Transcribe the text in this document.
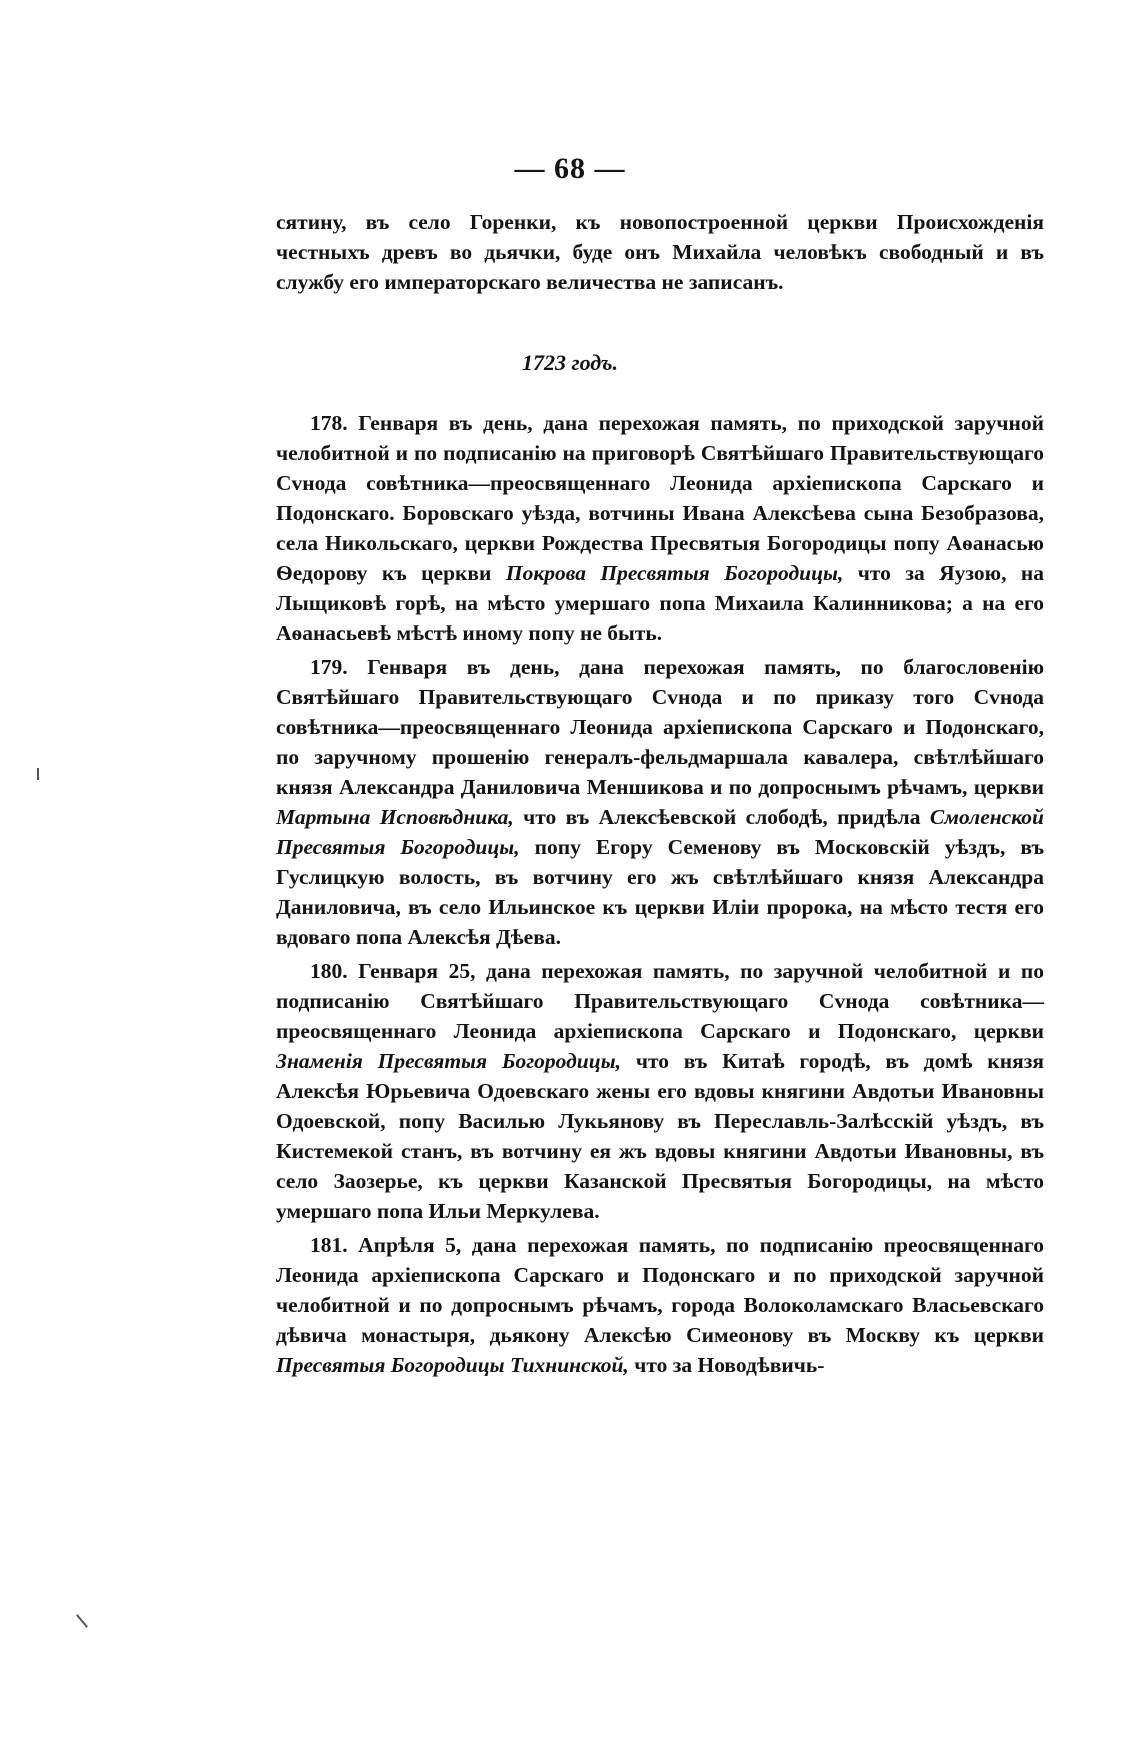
— 68 —

сятину, въ село Горенки, къ новопостроенной церкви Происхожденія честныхъ древъ во дьячки, буде онъ Михайла человѣкъ свободный и въ службу его императорскаго величества не записанъ.

1723 годъ.

178. Генваря въ день, дана перехожая память, по приходской заручной челобитной и по подписанію на приговорѣ Святѣйшаго Правительствующаго Сvнода совѣтника—преосвященнаго Леонида архіепископа Сарскаго и Подонскаго. Боровскаго уѣзда, вотчины Ивана Алексѣева сына Безобразова, села Никольскаго, церкви Рождества Пресвятыя Богородицы попу Аѳанасью Ѳедорову къ церкви Покрова Пресвятыя Богородицы, что за Яузою, на Лыщиковѣ горѣ, на мѣсто умершаго попа Михаила Калинникова; а на его Аѳанасьевѣ мѣстѣ иному попу не быть.

179. Генваря въ день, дана перехожая память, по благословенію Святѣйшаго Правительствующаго Сvнода и по приказу того Сvнода совѣтника—преосвященнаго Леонида архіепископа Сарскаго и Подонскаго, по заручному прошенію генералъ-фельдмаршала кавалера, свѣтлѣйшаго князя Александра Даниловича Меншикова и по допроснымъ рѣчамъ, церкви Мартына Исповѣдника, что въ Алексѣевской слободѣ, придѣла Смоленской Пресвятыя Богородицы, попу Егору Семенову въ Московскій уѣздъ, въ Гуслицкую волость, въ вотчину его жъ свѣтлѣйшаго князя Александра Даниловича, въ село Ильинское къ церкви Иліи пророка, на мѣсто тестя его вдоваго попа Алексѣя Дѣева.

180. Генваря 25, дана перехожая память, по заручной челобитной и по подписанію Святѣйшаго Правительствующаго Сvнода совѣтника—преосвященнаго Леонида архіепископа Сарскаго и Подонскаго, церкви Знаменія Пресвятыя Богородицы, что въ Китаѣ городѣ, въ домѣ князя Алексѣя Юрьевича Одоевскаго жены его вдовы княгини Авдотьи Ивановны Одоевской, попу Василью Лукьянову въ Переславль-Залѣсскій уѣздъ, въ Кистемекой станъ, въ вотчину ея жъ вдовы княгини Авдотьи Ивановны, въ село Заозерье, къ церкви Казанской Пресвятыя Богородицы, на мѣсто умершаго попа Ильи Меркулева.

181. Апрѣля 5, дана перехожая память, по подписанію преосвященнаго Леонида архіепископа Сарскаго и Подонскаго и по приходской заручной челобитной и по допроснымъ рѣчамъ, города Волоколамскаго Власьевскаго дѣвича монастыря, дьякону Алексѣю Симеонову въ Москву къ церкви Пресвятыя Богородицы Тихнинской, что за Новодѣвичь-
